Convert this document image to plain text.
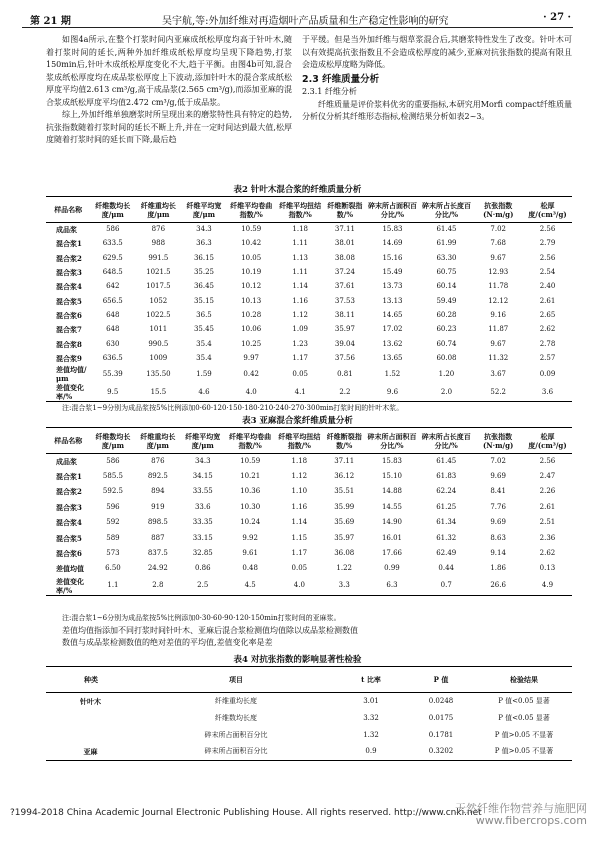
第 21 期	吴宇航,等:外加纤维对再造烟叶产品质量和生产稳定性影响的研究	· 27 ·

如图4a所示,在整个打浆时间内亚麻成纸松厚度均高于针叶木,随着打浆时间的延长,两种外加纤维成纸松厚度均呈现下降趋势,打浆150min后,针叶木成纸松厚度变化不大,趋于平衡。由图4b可知,混合浆成纸松厚度均在成品浆松厚度上下波动,添加针叶木的混合浆成纸松厚度平均值2.613 cm³/g,高于成品浆(2.565 cm³/g),而添加亚麻的混合浆成纸松厚度平均值2.472 cm³/g,低于成品浆。

综上,外加纤维单独磨浆时所呈现出来的磨浆特性具有特定的趋势,抗张指数随着打浆时间的延长不断上升,并在一定时间达到最大值,松厚度随着打浆时间的延长而下降,最后趋

于平缓。但是当外加纤维与烟草浆混合后,其磨浆特性发生了改变。针叶木可以有效提高抗张指数且不会造成松厚度的减少,亚麻对抗张指数的提高有限且会造成松厚度略为降低。

2.3 纤维质量分析

2.3.1 纤维分析

纤维质量是评价浆料优劣的重要指标,本研究用Morfi compact纤维质量分析仪分析其纤维形态指标,检测结果分析如表2~3。

表2 针叶木混合浆的纤维质量分析
样品名称	纤维数均长度/μm	纤维重均长度/μm	纤维平均宽度/μm	纤维平均卷曲指数/%	纤维平均扭结指数/%	纤维断裂指数/%	碎末所占面积百分比/%	碎末所占长度百分比/%	抗张指数(N·m/g)	松厚度/(cm³/g)
成品浆	586	876	34.3	10.59	1.18	37.11	15.83	61.45	7.02	2.56
混合浆1	633.5	988	36.3	10.42	1.11	38.01	14.69	61.99	7.68	2.79
混合浆2	629.5	991.5	36.15	10.05	1.13	38.08	15.16	63.30	9.67	2.56
混合浆3	648.5	1021.5	35.25	10.19	1.11	37.24	15.49	60.75	12.93	2.54
混合浆4	642	1017.5	36.45	10.12	1.14	37.61	13.73	60.14	11.78	2.40
混合浆5	656.5	1052	35.15	10.13	1.16	37.53	13.13	59.49	12.12	2.61
混合浆6	648	1022.5	36.5	10.28	1.12	38.11	14.65	60.28	9.16	2.65
混合浆7	648	1011	35.45	10.06	1.09	35.97	17.02	60.23	11.87	2.62
混合浆8	630	990.5	35.4	10.25	1.23	39.04	13.62	60.74	9.67	2.78
混合浆9	636.5	1009	35.4	9.97	1.17	37.56	13.65	60.08	11.32	2.57
差值均值/μm	55.39	135.50	1.59	0.42	0.05	0.81	1.52	1.20	3.67	0.09
差值变化率/%	9.5	15.5	4.6	4.0	4.1	2.2	9.6	2.0	52.2	3.6
注:混合浆1~9分别为成品浆按5%比例添加0·60·120·150·180·210·240·270·300min打浆时间的针叶木浆。
表3 亚麻混合浆纤维质量分析
样品名称	纤维数均长度/μm	纤维重均长度/μm	纤维平均宽度/μm	纤维平均卷曲指数/%	纤维平均扭结指数/%	纤维断裂指数/%	碎末所占面积百分比/%	碎末所占长度百分比/%	抗张指数(N·m/g)	松厚度/(cm³/g)
成品浆	586	876	34.3	10.59	1.18	37.11	15.83	61.45	7.02	2.56
混合浆1	585.5	892.5	34.15	10.21	1.12	36.12	15.10	61.83	9.69	2.47
混合浆2	592.5	894	33.55	10.36	1.10	35.51	14.88	62.24	8.41	2.26
混合浆3	596	919	33.6	10.30	1.16	35.99	14.55	61.25	7.76	2.61
混合浆4	592	898.5	33.35	10.24	1.14	35.69	14.90	61.34	9.69	2.51
混合浆5	589	887	33.15	9.92	1.15	35.97	16.01	61.32	8.63	2.36
混合浆6	573	837.5	32.85	9.61	1.17	36.08	17.66	62.49	9.14	2.62
差值均值	6.50	24.92	0.86	0.48	0.05	1.22	0.99	0.44	1.86	0.13
差值变化率/%	1.1	2.8	2.5	4.5	4.0	3.3	6.3	0.7	26.6	4.9
注:混合浆1~6分别为成品浆按5%比例添加0·30·60·90·120·150min打浆时间的亚麻浆。

差值均值指添加不同打浆时间针叶木、亚麻后混合浆检测值均值除以成品浆检测数值

数值与成品浆检测数值的绝对差值的平均值,差值变化率是差

表4 对抗张指数的影响显著性检验
种类	项目	t 比率	P 值	检验结果
针叶木	纤维重均长度	3.01	0.0248	P 值<0.05 显著
	纤维数均长度	3.32	0.0175	P 值<0.05 显著
	碎末所占面积百分比	1.32	0.1781	P 值>0.05 不显著
亚麻	碎末所占面积百分比	0.9	0.3202	P 值>0.05 不显著
?1994-2018 China Academic Journal Electronic Publishing House. All rights reserved. http://www.cnki.net
天然纤维作物营养与施肥网
www.fibercrops.com
